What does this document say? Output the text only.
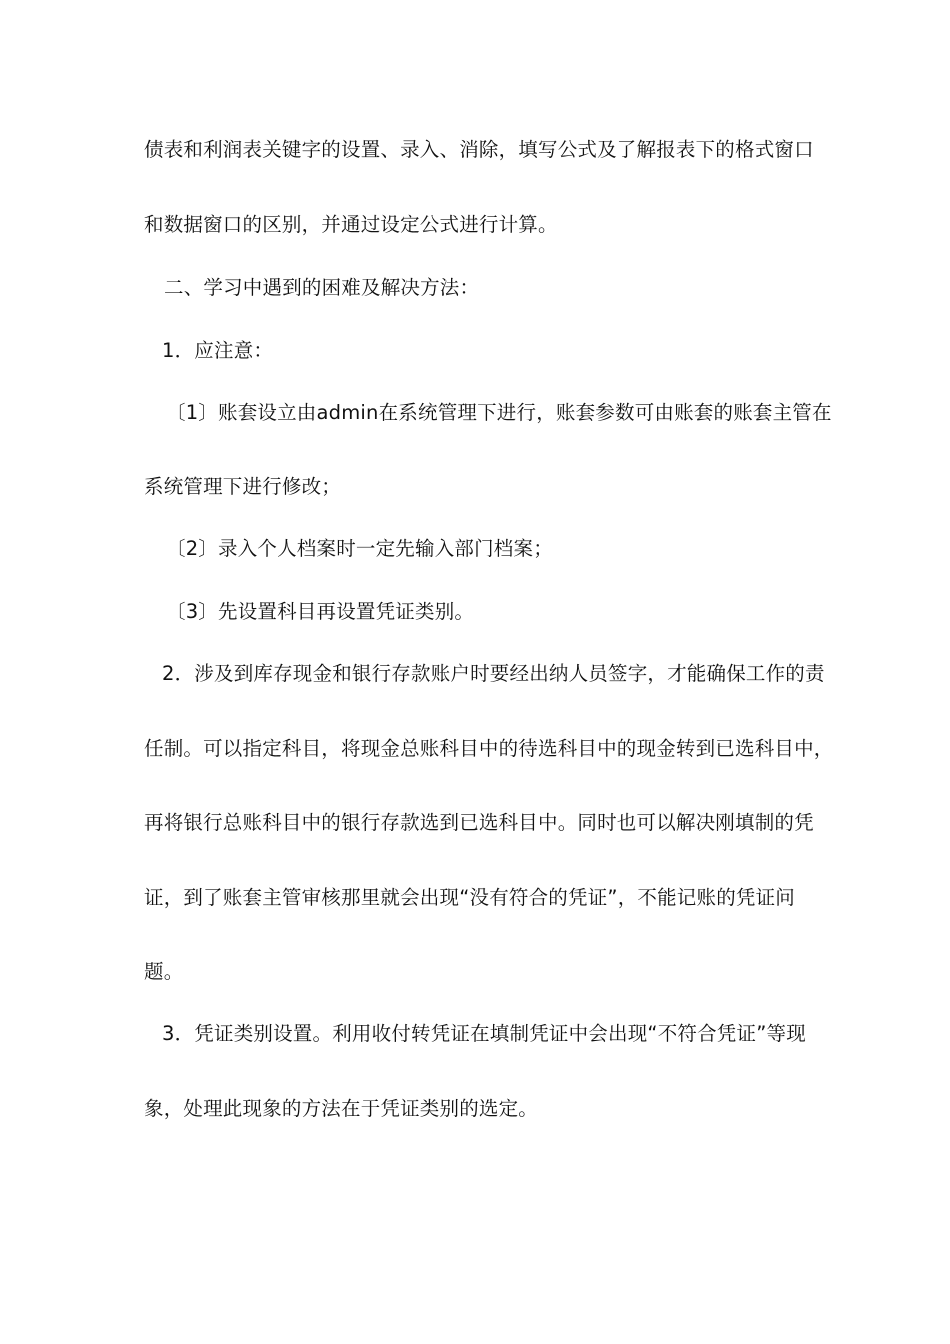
债表和利润表关键字的设置、录入、消除，填写公式及了解报表下的格式窗口
和数据窗口的区别，并通过设定公式进行计算。
二、学习中遇到的困难及解决方法：
1．应注意：
〔1〕账套设立由admin在系统管理下进行，账套参数可由账套的账套主管在
系统管理下进行修改；
〔2〕录入个人档案时一定先输入部门档案；
〔3〕先设置科目再设置凭证类别。
2．涉及到库存现金和银行存款账户时要经出纳人员签字，才能确保工作的责
任制。可以指定科目，将现金总账科目中的待选科目中的现金转到已选科目中，
再将银行总账科目中的银行存款选到已选科目中。同时也可以解决刚填制的凭
证，到了账套主管审核那里就会出现“没有符合的凭证”，不能记账的凭证问
题。
3．凭证类别设置。利用收付转凭证在填制凭证中会出现“不符合凭证”等现
象，处理此现象的方法在于凭证类别的选定。
